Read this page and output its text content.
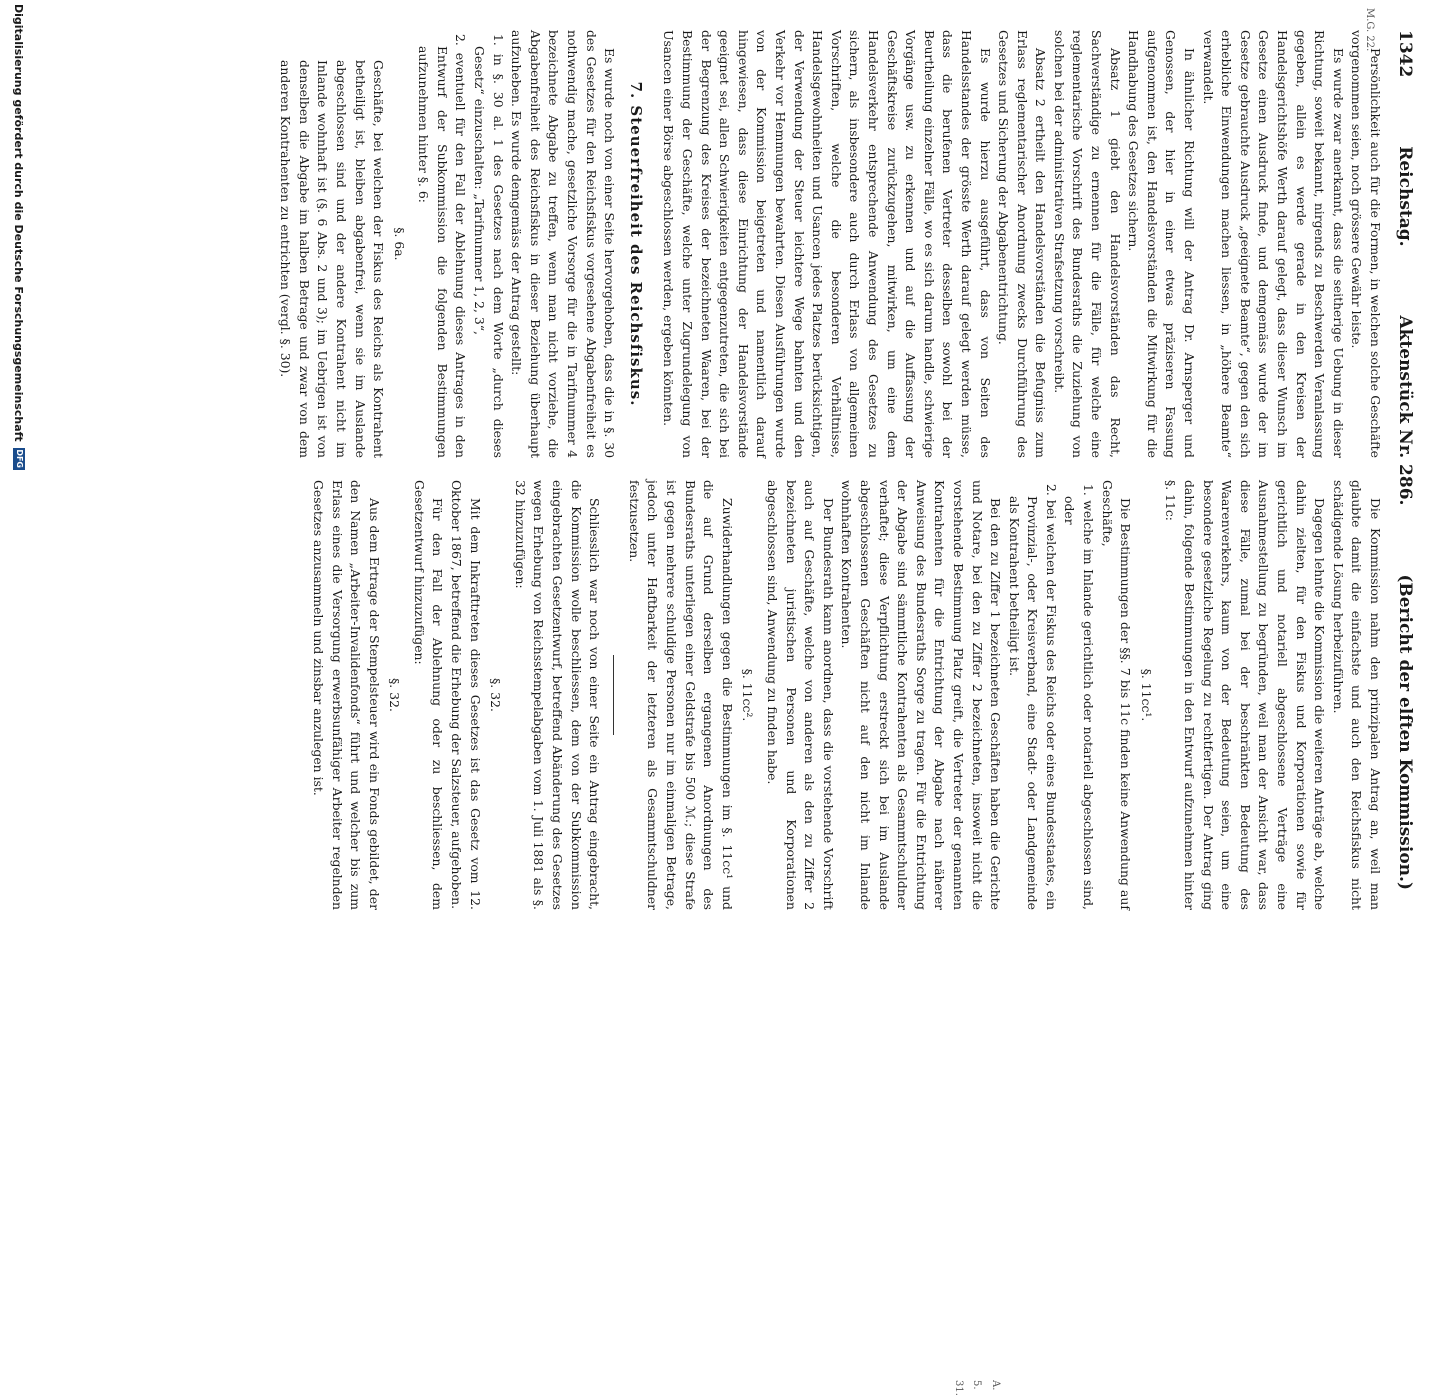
1342
Reichstag.
Aktenstück Nr. 286.
(Bericht der elften Kommission.)
M.G. 22.

Persönlichkeit auch für die Formen, in welchen solche Geschäfte vorgenommen seien, noch grössere Gewähr leiste.

Es wurde zwar anerkannt, dass die seitherige Uebung in dieser Richtung, soweit bekannt, nirgends zu Beschwerden Veranlassung gegeben, allein es werde gerade in den Kreisen der Handelsgerichtshöfe Werth darauf gelegt, dass dieser Wunsch im Gesetze einen Ausdruck finde, und demgemäss wurde der im Gesetze gebrauchte Ausdruck „geeignete Beamte“, gegen den sich erhebliche Einwendungen machen liessen, in „höhere Beamte“ verwandelt.

In ähnlicher Richtung will der Antrag Dr. Arnsperger und Genossen, der hier in einer etwas präziseren Fassung aufgenommen ist, den Handelsvorständen die Mitwirkung für die Handhabung des Gesetzes sichern.

Absatz 1 giebt den Handelsvorständen das Recht, Sachverständige zu ernennen für die Fälle, für welche eine reglementarische Vorschrift des Bundesraths die Zuziehung von solchen bei der administrativen Strafsetzung vorschreibt.

Absatz 2 ertheilt den Handelsvorständen die Befugniss zum Erlass reglementarischer Anordnung zwecks Durchführung des Gesetzes und Sicherung der Abgabenentrichtung.

Es wurde hierzu ausgeführt, dass von Seiten des Handelsstandes der grösste Werth darauf gelegt werden müsse, dass die berufenen Vertreter desselben sowohl bei der Beurtheilung einzelner Fälle, wo es sich darum handle, schwierige Vorgänge usw. zu erkennen und auf die Auffassung der Geschäftskreise zurückzugehen, mitwirken, um eine dem Handelsverkehr entsprechende Anwendung des Gesetzes zu sichern, als insbesondere auch durch Erlass von allgemeinen Vorschriften, welche die besonderen Verhältnisse, Handelsgewohnheiten und Usancen jedes Platzes berücksichtigen, der Verwendung der Steuer leichtere Wege bahnten und den Verkehr vor Hemmungen bewahrten. Diesen Ausführungen wurde von der Kommission beigetreten und namentlich darauf hingewiesen, dass diese Einrichtung der Handelsvorstände geeignet sei, allen Schwierigkeiten entgegenzutreten, die sich bei der Begrenzung des Kreises der bezeichneten Waaren, bei der Bestimmung der Geschäfte, welche unter Zugrundelegung von Usancen einer Börse abgeschlossen werden, ergeben könnten.

7. Steuerfreiheit des Reichsfiskus.

Es wurde noch von einer Seite hervorgehoben, dass die in §. 30 des Gesetzes für den Reichsfiskus vorgesehene Abgabenfreiheit es nothwendig mache, gesetzliche Vorsorge für die in Tarifnummer 4 bezeichnete Abgabe zu treffen, wenn man nicht vorziehe, die Abgabenfreiheit des Reichsfiskus in dieser Beziehung überhaupt aufzuheben. Es wurde demgemäss der Antrag gestellt:

1. in §. 30 al. 1 des Gesetzes nach dem Worte „durch dieses Gesetz“ einzuschalten: „Tarifnummer 1, 2, 3“,

2. eventuell für den Fall der Ablehnung dieses Antrages in den Entwurf der Subkommission die folgenden Bestimmungen aufzunehmen hinter §. 6:

§. 6a.

Geschäfte, bei welchen der Fiskus des Reichs als Kontrahent betheiligt ist, bleiben abgabenfrei, wenn sie im Auslande abgeschlossen sind und der andere Kontrahent nicht im Inlande wohnhaft ist (§. 6 Abs. 2 und 3); im Uebrigen ist von denselben die Abgabe im halben Betrage und zwar von dem anderen Kontrahenten zu entrichten (vergl. §. 30).

A. 5. 31.

Die Kommission nahm den prinzipalen Antrag an, weil man glaubte damit die einfachste und auch den Reichsfiskus nicht schädigende Lösung herbeizuführen.

Dagegen lehnte die Kommission die weiteren Anträge ab, welche dahin zielten, für den Fiskus und Korporationen sowie für gerichtlich und notariell abgeschlossene Verträge eine Ausnahmestellung zu begründen, weil man der Ansicht war, dass diese Fälle, zumal bei der beschränkten Bedeutung des Waarenverkehrs, kaum von der Bedeutung seien, um eine besondere gesetzliche Regelung zu rechtfertigen. Der Antrag ging dahin, folgende Bestimmungen in den Entwurf aufzunehmen hinter §. 11c:

§. 11cc¹.

Die Bestimmungen der §§. 7 bis 11c finden keine Anwendung auf Geschäfte,

1. welche im Inlande gerichtlich oder notariell abgeschlossen sind, oder

2. bei welchen der Fiskus des Reichs oder eines Bundesstaates, ein Provinzial-, oder Kreisverband, eine Stadt- oder Landgemeinde als Kontrahent betheiligt ist.

Bei den zu Ziffer 1 bezeichneten Geschäften haben die Gerichte und Notare, bei den zu Ziffer 2 bezeichneten, insoweit nicht die vorstehende Bestimmung Platz greift, die Vertreter der genannten Kontrahenten für die Entrichtung der Abgabe nach näherer Anweisung des Bundesraths Sorge zu tragen. Für die Entrichtung der Abgabe sind sämmtliche Kontrahenten als Gesammtschuldner verhaftet; diese Verpflichtung erstreckt sich bei im Auslande abgeschlossenen Geschäften nicht auf den nicht im Inlande wohnhaften Kontrahenten.

Der Bundesrath kann anordnen, dass die vorstehende Vorschrift auch auf Geschäfte, welche von anderen als den zu Ziffer 2 bezeichneten juristischen Personen und Korporationen abgeschlossen sind, Anwendung zu finden habe.

§. 11cc².

Zuwiderhandlungen gegen die Bestimmungen im §. 11cc¹ und die auf Grund derselben ergangenen Anordnungen des Bundesraths unterliegen einer Geldstrafe bis 500 ℳ.; diese Strafe ist gegen mehrere schuldige Personen nur im einmaligen Betrage, jedoch unter Haftbarkeit der letzteren als Gesammtschuldner festzusetzen.

Schliesslich war noch von einer Seite ein Antrag eingebracht, die Kommission wolle beschliessen, dem von der Subkommission eingebrachten Gesetzentwurf, betreffend Abänderung des Gesetzes wegen Erhebung von Reichsstempelabgaben vom 1. Juli 1881 als §. 32 hinzuzufügen:

§. 32.

Mit dem Inkrafttreten dieses Gesetzes ist das Gesetz vom 12. Oktober 1867, betreffend die Erhebung der Salzsteuer, aufgehoben.

Für den Fall der Ablehnung oder zu beschliessen, dem Gesetzentwurf hinzuzufügen:

§. 32.

Aus dem Ertrage der Stempelsteuer wird ein Fonds gebildet, der den Namen „Arbeiter-Invalidenfonds“ führt und welcher bis zum Erlass eines die Versorgung erwerbsunfähiger Arbeiter regelnden Gesetzes anzusammeln und zinsbar anzulegen ist.

Digitalisierung gefördert durch die Deutsche Forschungsgemeinschaft
DFG
